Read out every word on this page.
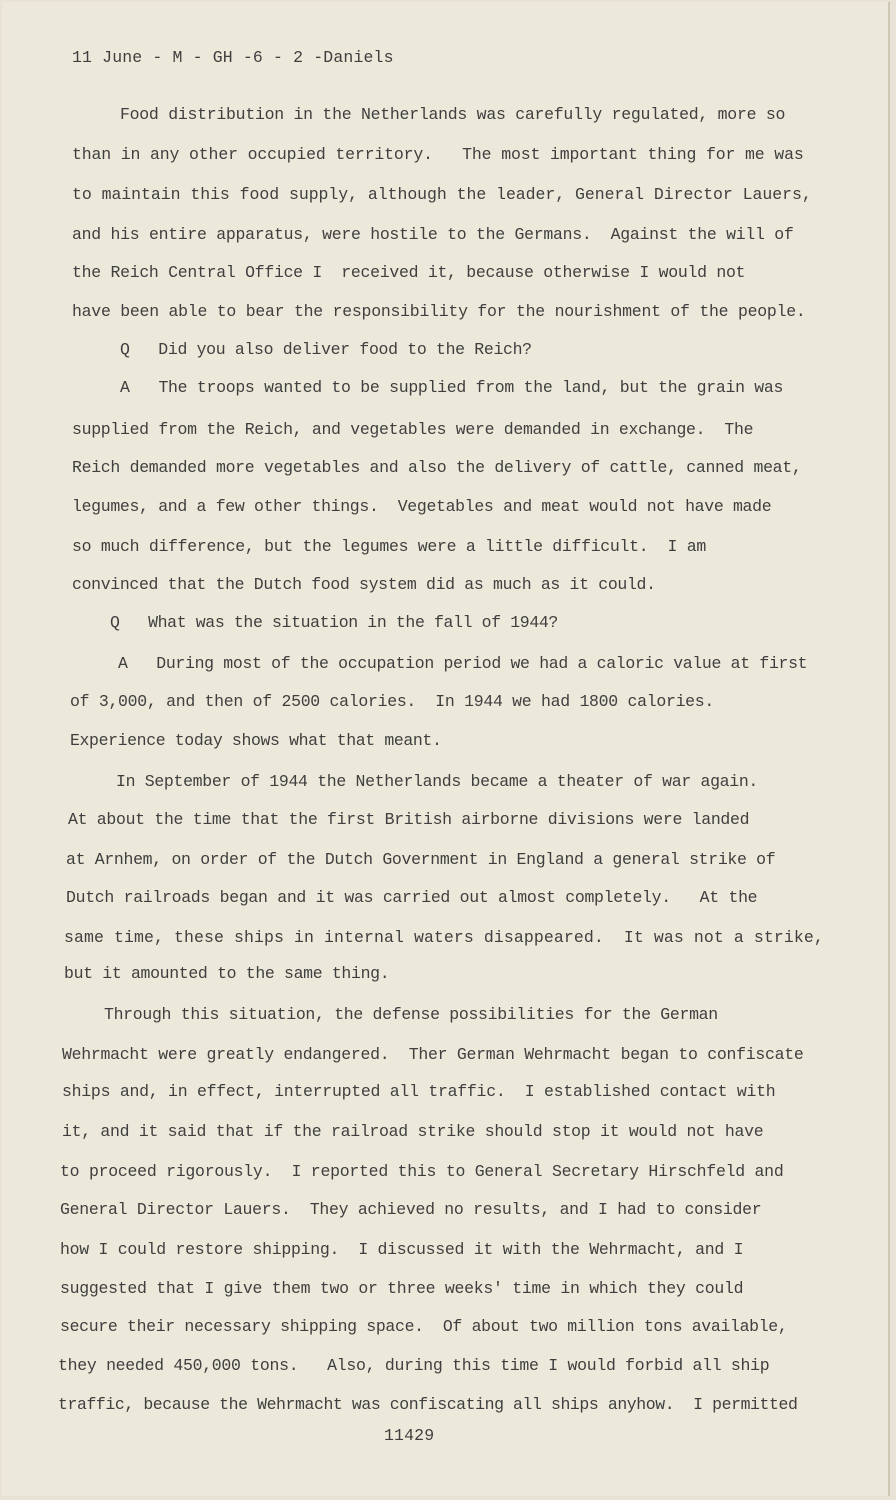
11 June - M - GH -6 - 2 -Daniels
Food distribution in the Netherlands was carefully regulated, more so
than in any other occupied territory.   The most important thing for me was
to maintain this food supply, although the leader, General Director Lauers,
and his entire apparatus, were hostile to the Germans.  Against the will of
the Reich Central Office I  received it, because otherwise I would not
have been able to bear the responsibility for the nourishment of the people.
Q   Did you also deliver food to the Reich?
A   The troops wanted to be supplied from the land, but the grain was
supplied from the Reich, and vegetables were demanded in exchange.  The
Reich demanded more vegetables and also the delivery of cattle, canned meat,
legumes, and a few other things.  Vegetables and meat would not have made
so much difference, but the legumes were a little difficult.  I am
convinced that the Dutch food system did as much as it could.
Q   What was the situation in the fall of 1944?
A   During most of the occupation period we had a caloric value at first
of 3,000, and then of 2500 calories.  In 1944 we had 1800 calories.
Experience today shows what that meant.
In September of 1944 the Netherlands became a theater of war again.
At about the time that the first British airborne divisions were landed
at Arnhem, on order of the Dutch Government in England a general strike of
Dutch railroads began and it was carried out almost completely.   At the
same time, these ships in internal waters disappeared.  It was not a strike,
but it amounted to the same thing.
Through this situation, the defense possibilities for the German
Wehrmacht were greatly endangered.  Ther German Wehrmacht began to confiscate
ships and, in effect, interrupted all traffic.  I established contact with
it, and it said that if the railroad strike should stop it would not have
to proceed rigorously.  I reported this to General Secretary Hirschfeld and
General Director Lauers.  They achieved no results, and I had to consider
how I could restore shipping.  I discussed it with the Wehrmacht, and I
suggested that I give them two or three weeks' time in which they could
secure their necessary shipping space.  Of about two million tons available,
they needed 450,000 tons.   Also, during this time I would forbid all ship
traffic, because the Wehrmacht was confiscating all ships anyhow.  I permitted
11429
